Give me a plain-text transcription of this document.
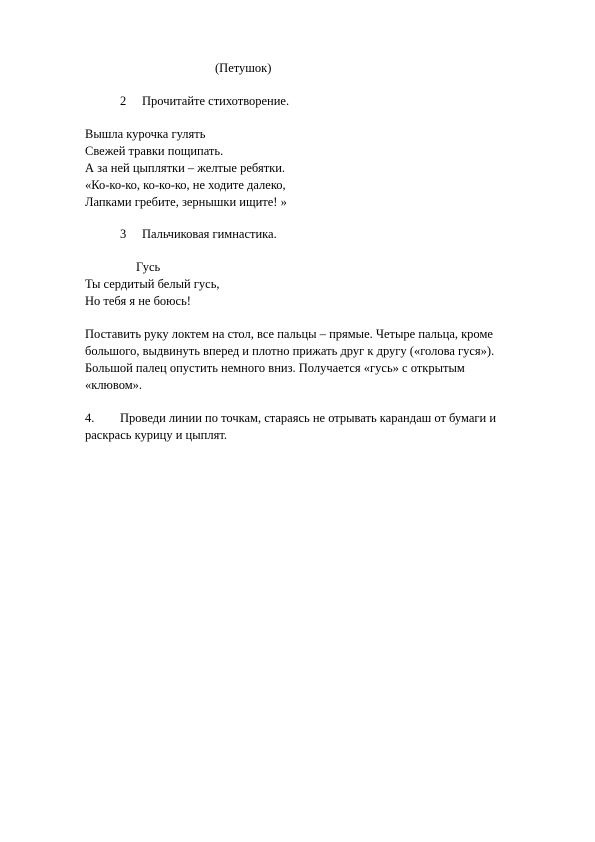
(Петушок)
2 Прочитайте стихотворение.
Вышла курочка гулять
Свежей травки пощипать.
А за ней цыплятки – желтые ребятки.
«Ко-ко-ко, ко-ко-ко, не ходите далеко,
Лапками гребите, зернышки ищите! »
3 Пальчиковая гимнастика.
Гусь
Ты сердитый белый гусь,
Но тебя я не боюсь!
Поставить руку локтем на стол, все пальцы – прямые. Четыре пальца, кроме
большого, выдвинуть вперед и плотно прижать друг к другу («голова гуся»).
Большой палец опустить немного вниз. Получается «гусь» с открытым
«клювом».
4. Проведи линии по точкам, стараясь не отрывать карандаш от бумаги и
раскрась курицу и цыплят.
